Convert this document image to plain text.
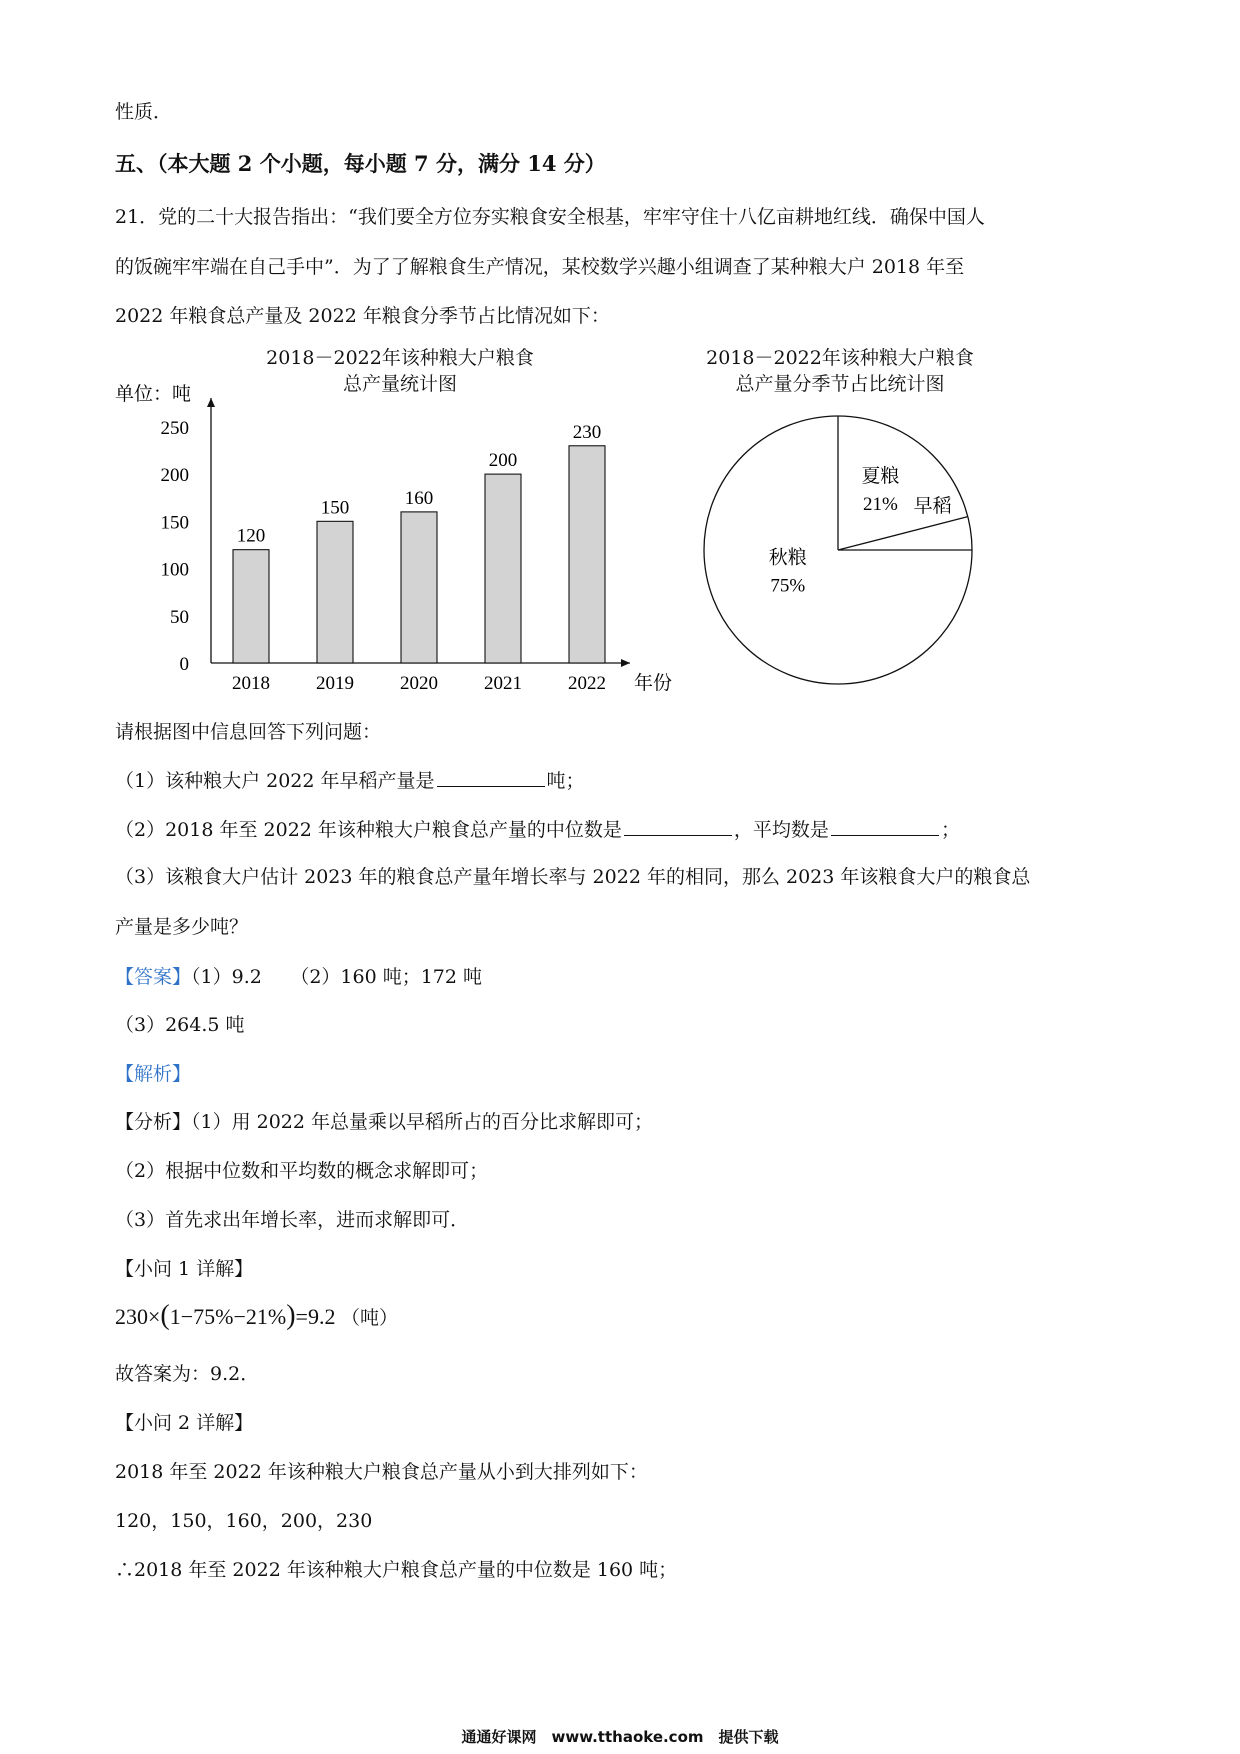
性质．
五、（本大题 2 个小题，每小题 7 分，满分 14 分）
21．党的二十大报告指出：“我们要全方位夯实粮食安全根基，牢牢守住十八亿亩耕地红线．确保中国人
的饭碗牢牢端在自己手中”．为了了解粮食生产情况，某校数学兴趣小组调查了某种粮大户 2018 年至
2022 年粮食总产量及 2022 年粮食分季节占比情况如下：
2018－2022年该种粮大户粮食
总产量统计图
单位：吨
年份
0
50
100
150
200
250
120
2018
150
2019
160
2020
200
2021
230
2022
2018－2022年该种粮大户粮食
总产量分季节占比统计图
秋粮
75%
夏粮
21% 早稻
请根据图中信息回答下列问题：
（1）该种粮大户 2022 年早稻产量是	吨；
（2）2018 年至 2022 年该种粮大户粮食总产量的中位数是	，平均数是	；
（3）该粮食大户估计 2023 年的粮食总产量年增长率与 2022 年的相同，那么 2023 年该粮食大户的粮食总
产量是多少吨？
【答案】（1）9.2　　（2）160 吨；172 吨
（3）264.5 吨
【解析】
【分析】（1）用 2022 年总量乘以早稻所占的百分比求解即可；
（2）根据中位数和平均数的概念求解即可；
（3）首先求出年增长率，进而求解即可．
【小问 1 详解】
230×(1−75%−21%)=9.2 （吨）
故答案为：9.2．
【小问 2 详解】
2018 年至 2022 年该种粮大户粮食总产量从小到大排列如下：
120，150，160，200，230
∴2018 年至 2022 年该种粮大户粮食总产量的中位数是 160 吨；
通通好课网　www.tthaoke.com　提供下载
